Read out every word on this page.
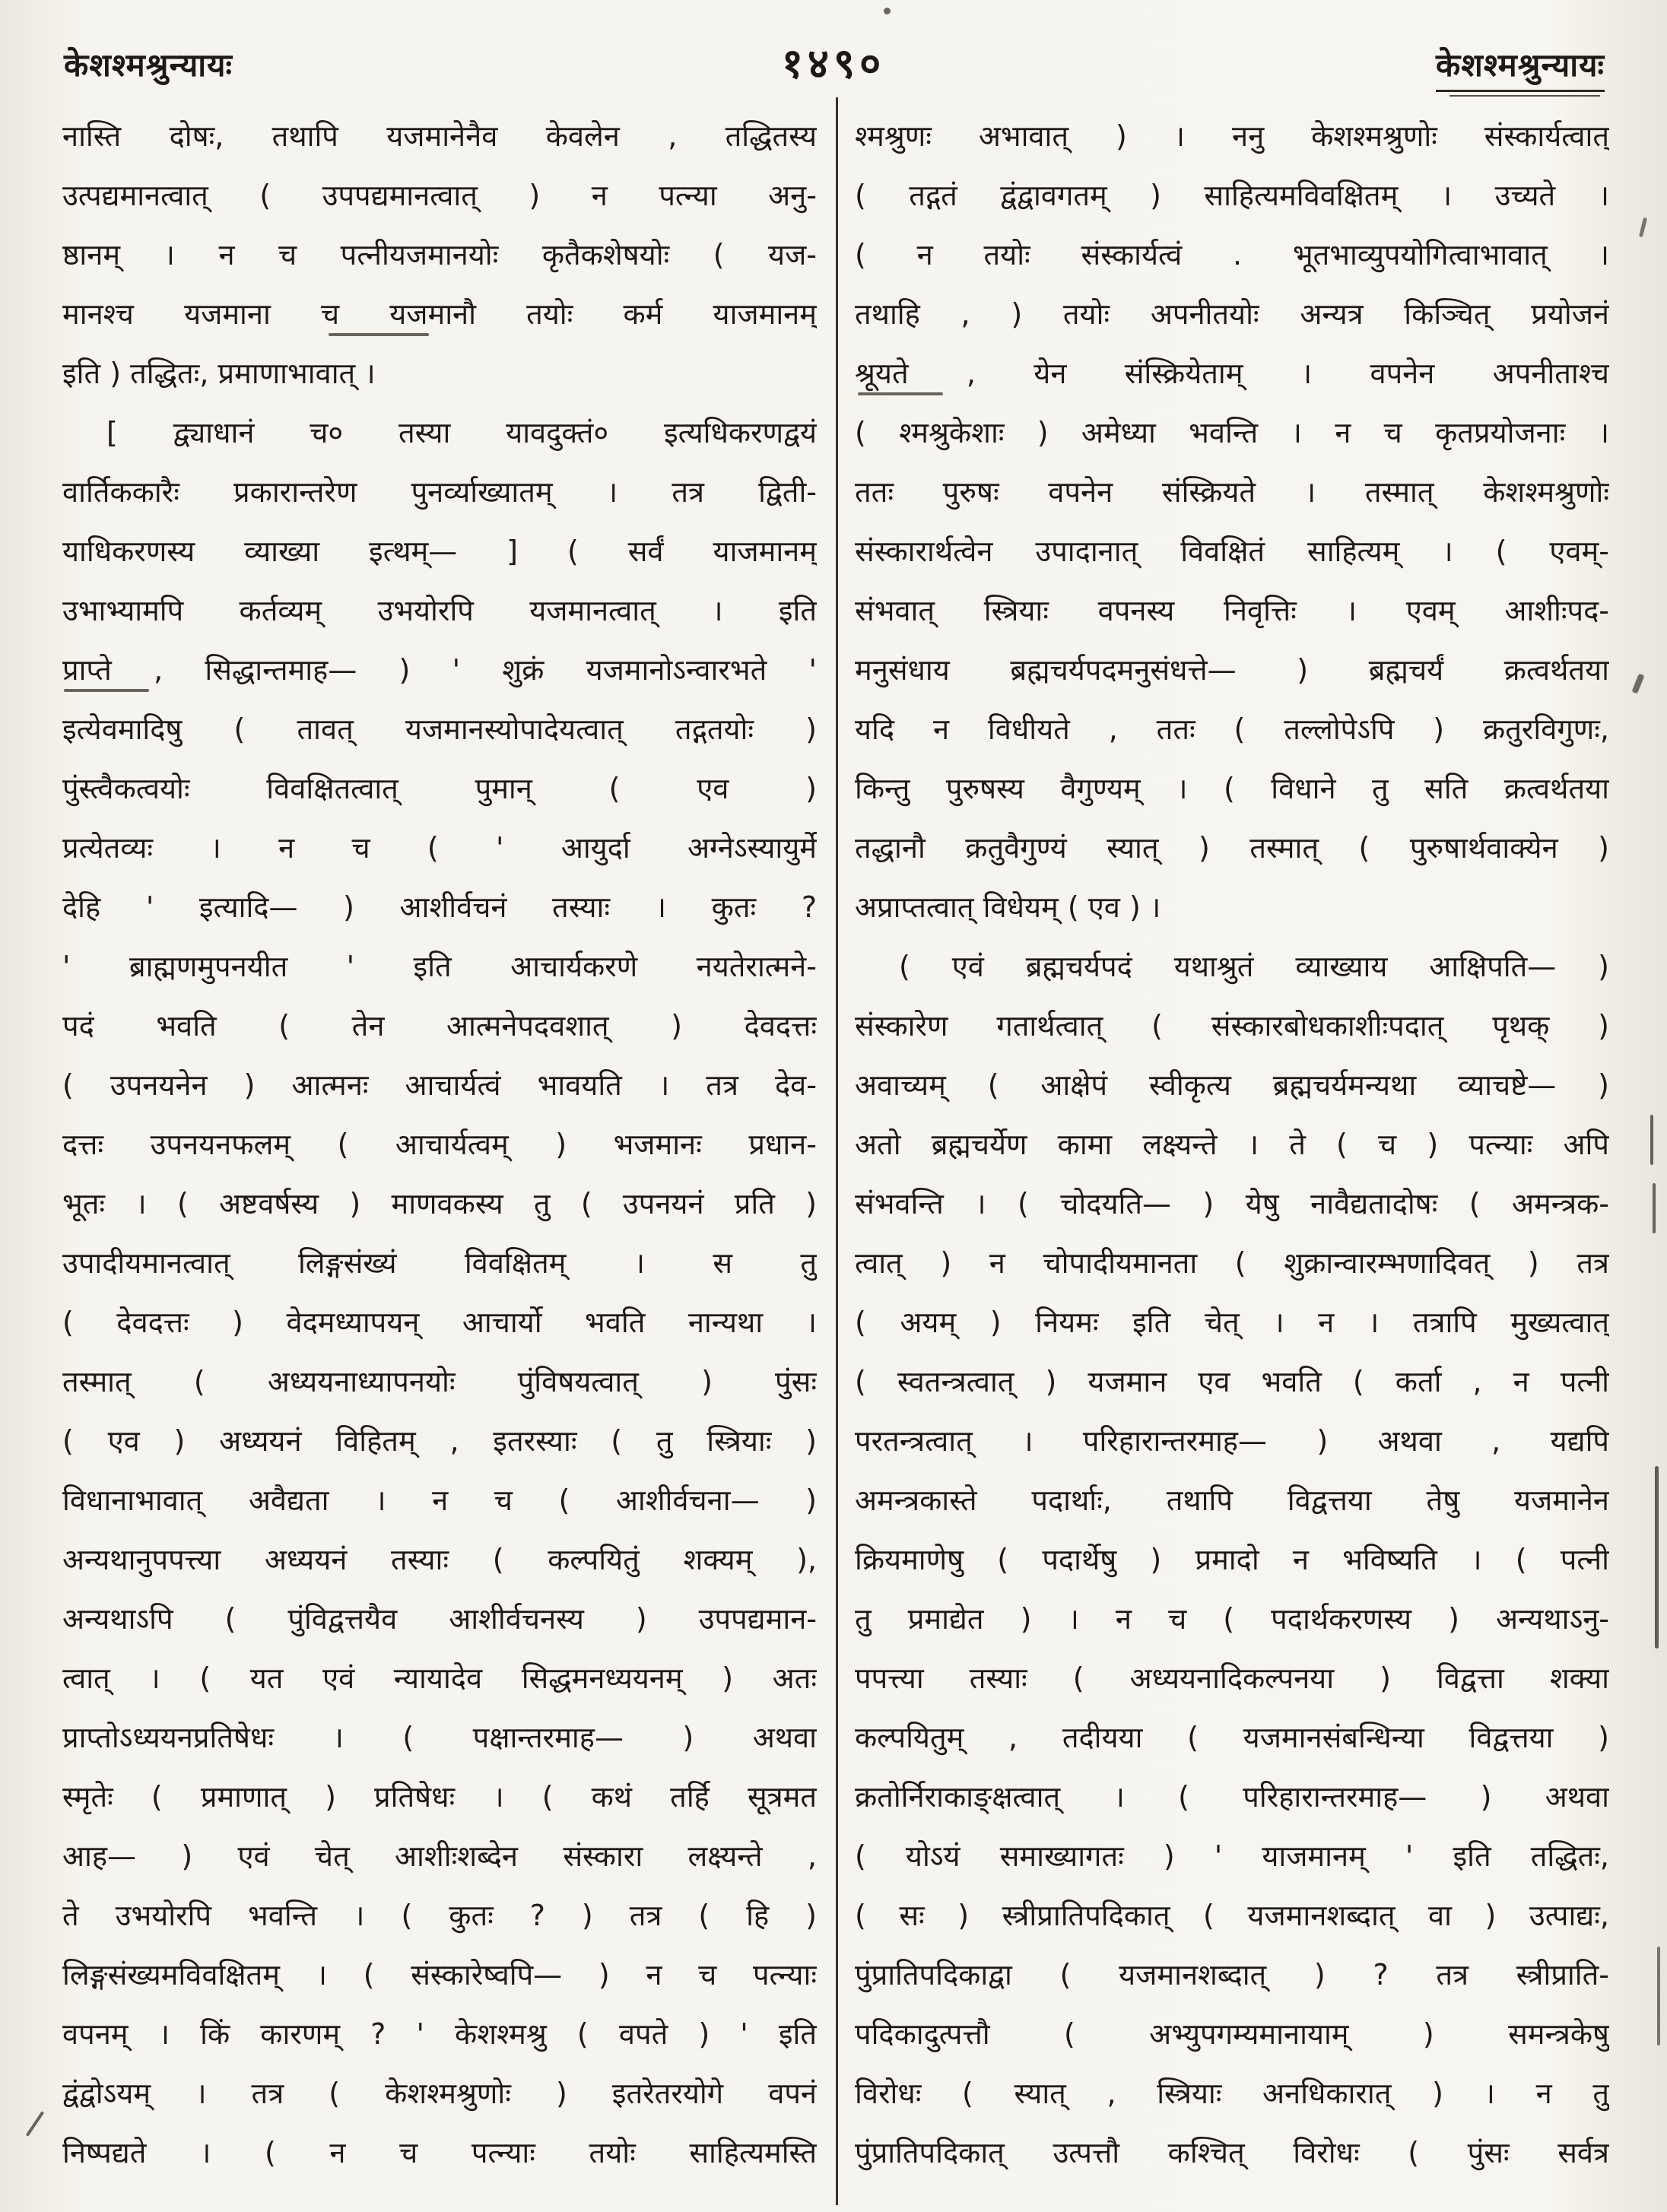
केशश्मश्रुन्यायः	१४९०	केशश्मश्रुन्यायः
नास्ति दोषः, तथापि यजमानेनैव केवलेन , तद्धितस्य
उत्पद्यमानत्वात् ( उपपद्यमानत्वात् ) न पत्न्या अनु-
ष्ठानम् । न च पत्नीयजमानयोः कृतैकशेषयोः ( यज-
मानश्च यजमाना च यजमानौ तयोः कर्म याजमानम्
इति ) तद्धितः, प्रमाणाभावात् ।
[ द्व्याधानं च० तस्या यावदुक्तं० इत्यधिकरणद्वयं
वार्तिककारैः प्रकारान्तरेण पुनर्व्याख्यातम् । तत्र द्विती-
याधिकरणस्य व्याख्या इत्थम्— ] ( सर्वं याजमानम्
उभाभ्यामपि कर्तव्यम् उभयोरपि यजमानत्वात् । इति
प्राप्ते , सिद्धान्तमाह— ) ' शुक्रं यजमानोऽन्वारभते '
इत्येवमादिषु ( तावत् यजमानस्योपादेयत्वात् तद्गतयोः )
पुंस्त्वैकत्वयोः विवक्षितत्वात् पुमान् ( एव )
प्रत्येतव्यः । न च ( ' आयुर्दा अग्नेऽस्यायुर्मे
देहि ' इत्यादि— ) आशीर्वचनं तस्याः । कुतः ?
' ब्राह्मणमुपनयीत ' इति आचार्यकरणे नयतेरात्मने-
पदं भवति ( तेन आत्मनेपदवशात् ) देवदत्तः
( उपनयनेन ) आत्मनः आचार्यत्वं भावयति । तत्र देव-
दत्तः उपनयनफलम् ( आचार्यत्वम् ) भजमानः प्रधान-
भूतः । ( अष्टवर्षस्य ) माणवकस्य तु ( उपनयनं प्रति )
उपादीयमानत्वात् लिङ्गसंख्यं विवक्षितम् । स तु
( देवदत्तः ) वेदमध्यापयन् आचार्यो भवति नान्यथा ।
तस्मात् ( अध्ययनाध्यापनयोः पुंविषयत्वात् ) पुंसः
( एव ) अध्ययनं विहितम् , इतरस्याः ( तु स्त्रियाः )
विधानाभावात् अवैद्यता । न च ( आशीर्वचना— )
अन्यथानुपपत्त्या अध्ययनं तस्याः ( कल्पयितुं शक्यम् ),
अन्यथाऽपि ( पुंविद्वत्तयैव आशीर्वचनस्य ) उपपद्यमान-
त्वात् । ( यत एवं न्यायादेव सिद्धमनध्ययनम् ) अतः
प्राप्तोऽध्ययनप्रतिषेधः । ( पक्षान्तरमाह— ) अथवा
स्मृतेः ( प्रमाणात् ) प्रतिषेधः । ( कथं तर्हि सूत्रमत
आह— ) एवं चेत् आशीःशब्देन संस्कारा लक्ष्यन्ते ,
ते उभयोरपि भवन्ति । ( कुतः ? ) तत्र ( हि )
लिङ्गसंख्यमविवक्षितम् । ( संस्कारेष्वपि— ) न च पत्न्याः
वपनम् । किं कारणम् ? ' केशश्मश्रु ( वपते ) ' इति
द्वंद्वोऽयम् । तत्र ( केशश्मश्रुणोः ) इतरेतरयोगे वपनं
निष्पद्यते । ( न च पत्न्याः तयोः साहित्यमस्ति
श्मश्रुणः अभावात् ) । ननु केशश्मश्रुणोः संस्कार्यत्वात्
( तद्गतं द्वंद्वावगतम् ) साहित्यमविवक्षितम् । उच्यते ।
( न तयोः संस्कार्यत्वं . भूतभाव्युपयोगित्वाभावात् ।
तथाहि , ) तयोः अपनीतयोः अन्यत्र किञ्चित् प्रयोजनं
श्रूयते , येन संस्क्रियेताम् । वपनेन अपनीताश्च
( श्मश्रुकेशाः ) अमेध्या भवन्ति । न च कृतप्रयोजनाः ।
ततः पुरुषः वपनेन संस्क्रियते । तस्मात् केशश्मश्रुणोः
संस्कारार्थत्वेन उपादानात् विवक्षितं साहित्यम् । ( एवम्-
संभवात् स्त्रियाः वपनस्य निवृत्तिः । एवम् आशीःपद-
मनुसंधाय ब्रह्मचर्यपदमनुसंधत्ते— ) ब्रह्मचर्यं क्रत्वर्थतया
यदि न विधीयते , ततः ( तल्लोपेऽपि ) क्रतुरविगुणः,
किन्तु पुरुषस्य वैगुण्यम् । ( विधाने तु सति क्रत्वर्थतया
तद्धानौ क्रतुवैगुण्यं स्यात् ) तस्मात् ( पुरुषार्थवाक्येन )
अप्राप्तत्वात् विधेयम् ( एव ) ।
( एवं ब्रह्मचर्यपदं यथाश्रुतं व्याख्याय आक्षिपति— )
संस्कारेण गतार्थत्वात् ( संस्कारबोधकाशीःपदात् पृथक् )
अवाच्यम् ( आक्षेपं स्वीकृत्य ब्रह्मचर्यमन्यथा व्याचष्टे— )
अतो ब्रह्मचर्येण कामा लक्ष्यन्ते । ते ( च ) पत्न्याः अपि
संभवन्ति । ( चोदयति— ) येषु नावैद्यतादोषः ( अमन्त्रक-
त्वात् ) न चोपादीयमानता ( शुक्रान्वारम्भणादिवत् ) तत्र
( अयम् ) नियमः इति चेत् । न । तत्रापि मुख्यत्वात्
( स्वतन्त्रत्वात् ) यजमान एव भवति ( कर्ता , न पत्नी
परतन्त्रत्वात् । परिहारान्तरमाह— ) अथवा , यद्यपि
अमन्त्रकास्ते पदार्थाः, तथापि विद्वत्तया तेषु यजमानेन
क्रियमाणेषु ( पदार्थेषु ) प्रमादो न भविष्यति । ( पत्नी
तु प्रमाद्येत ) । न च ( पदार्थकरणस्य ) अन्यथाऽनु-
पपत्त्या तस्याः ( अध्ययनादिकल्पनया ) विद्वत्ता शक्या
कल्पयितुम् , तदीयया ( यजमानसंबन्धिन्या विद्वत्तया )
क्रतोर्निराकाङ्क्षत्वात् । ( परिहारान्तरमाह— ) अथवा
( योऽयं समाख्यागतः ) ' याजमानम् ' इति तद्धितः,
( सः ) स्त्रीप्रातिपदिकात् ( यजमानशब्दात् वा ) उत्पाद्यः,
पुंप्रातिपदिकाद्वा ( यजमानशब्दात् ) ? तत्र स्त्रीप्राति-
पदिकादुत्पत्तौ ( अभ्युपगम्यमानायाम् ) समन्त्रकेषु
विरोधः ( स्यात् , स्त्रियाः अनधिकारात् ) । न तु
पुंप्रातिपदिकात् उत्पत्तौ कश्चित् विरोधः ( पुंसः सर्वत्र
